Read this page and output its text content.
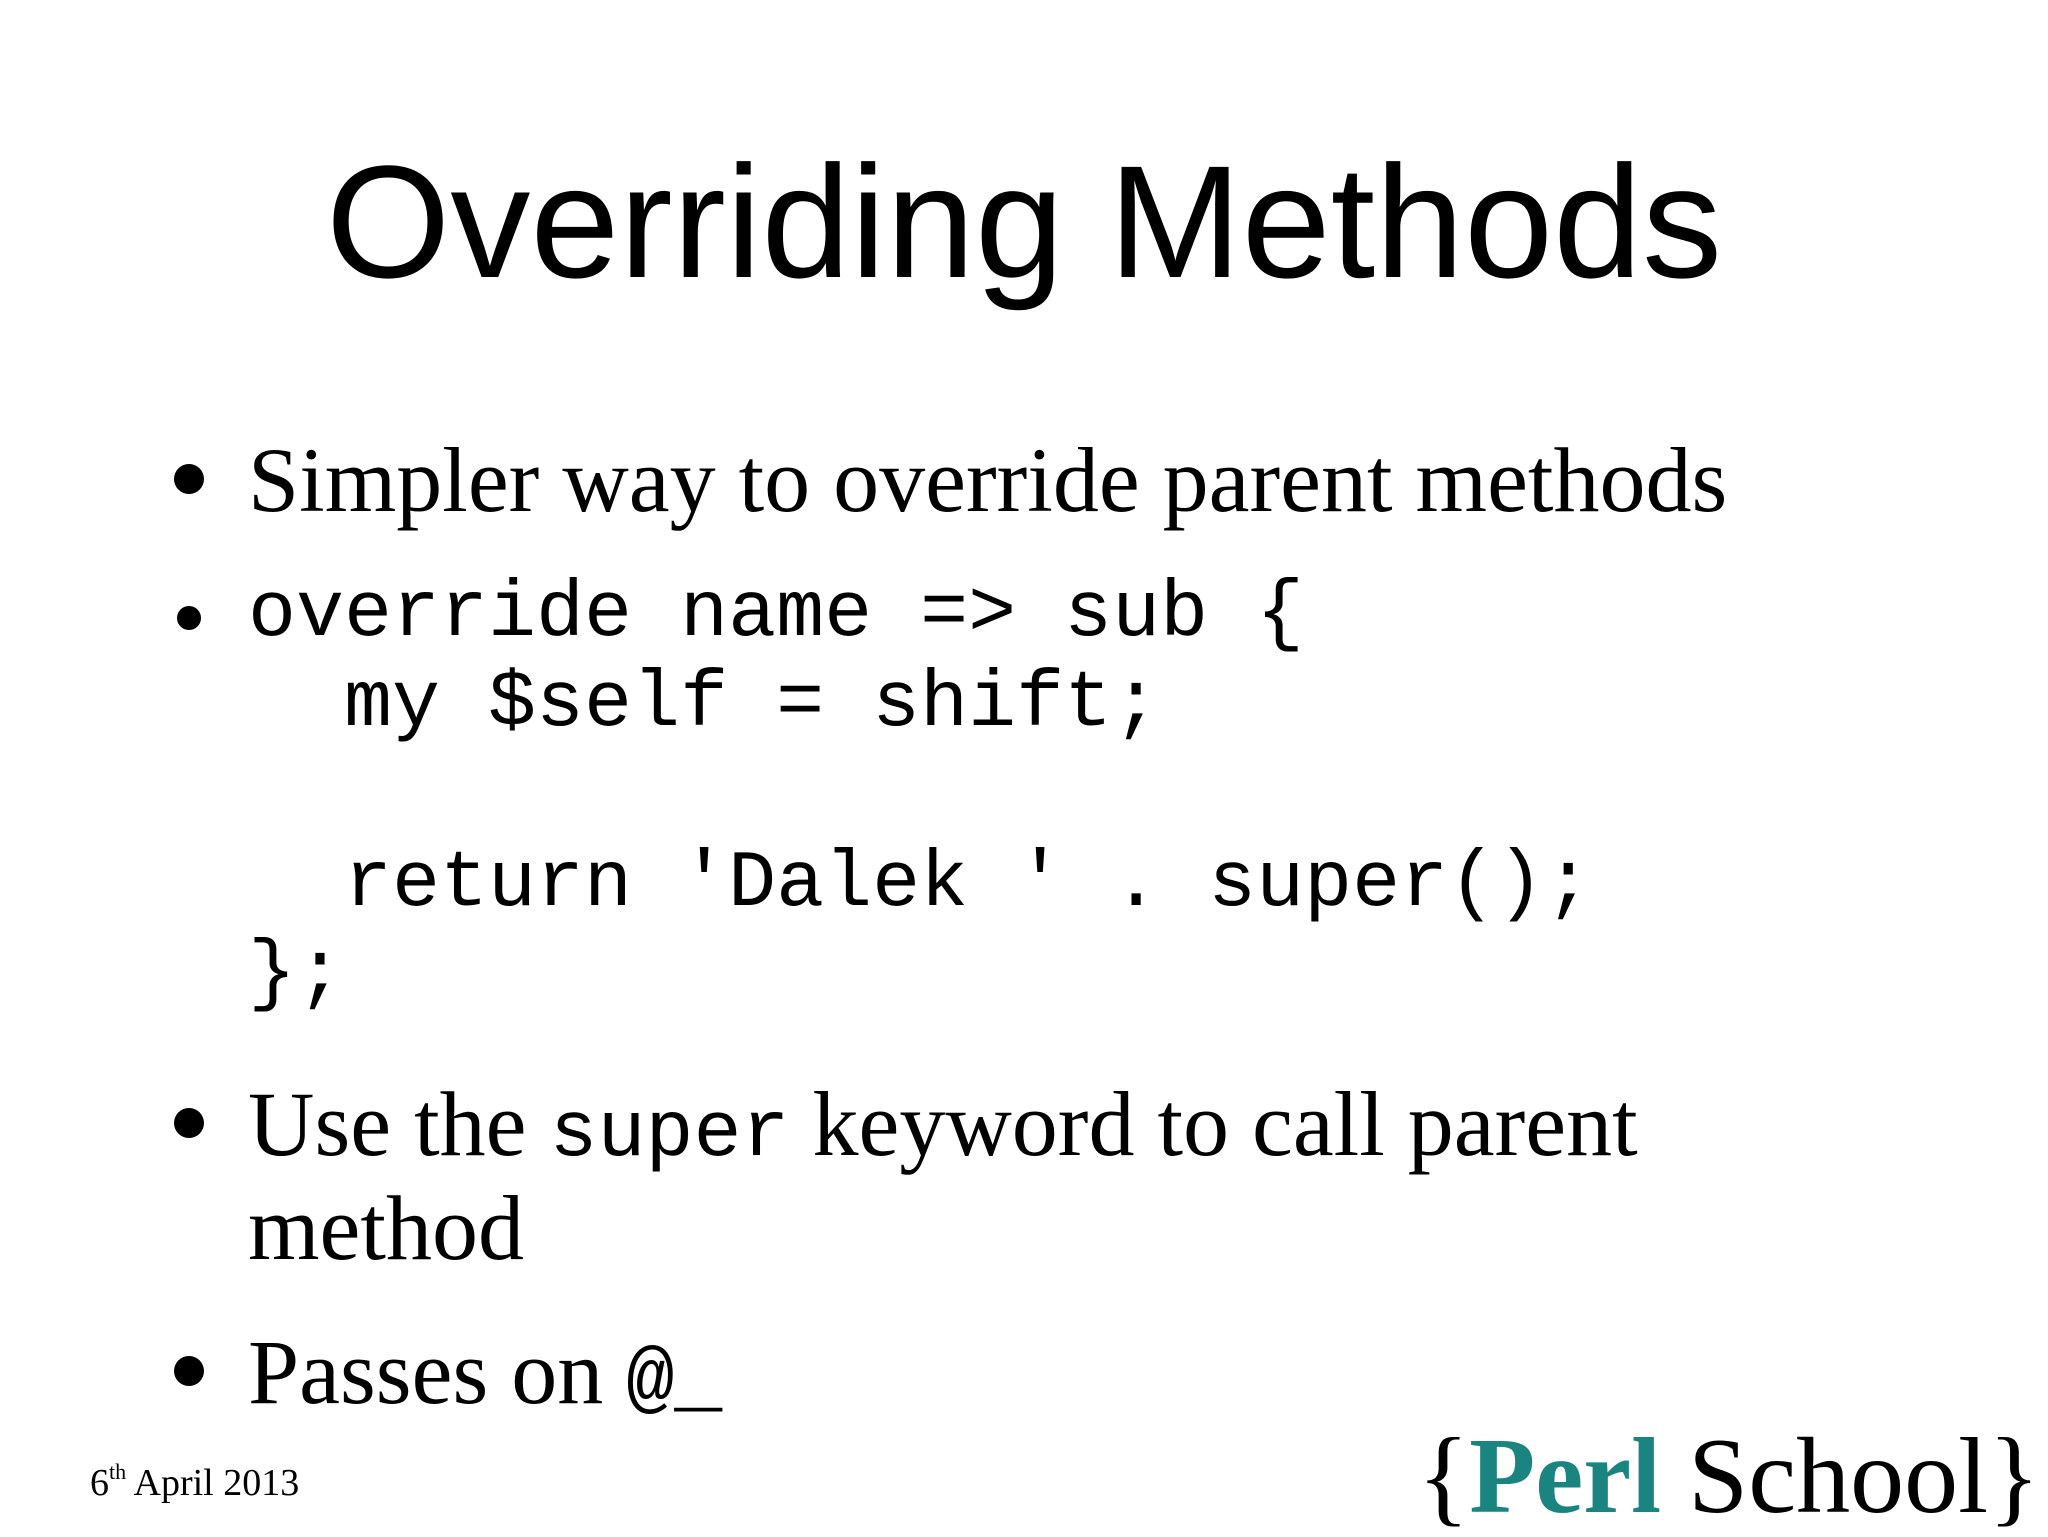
Overriding Methods
Simpler way to override parent methods
override name => sub {
my $self = shift;

return 'Dalek ' . super();
};
Use the super keyword to call parent
method
Passes on @_
6th April 2013	{Perl School}
